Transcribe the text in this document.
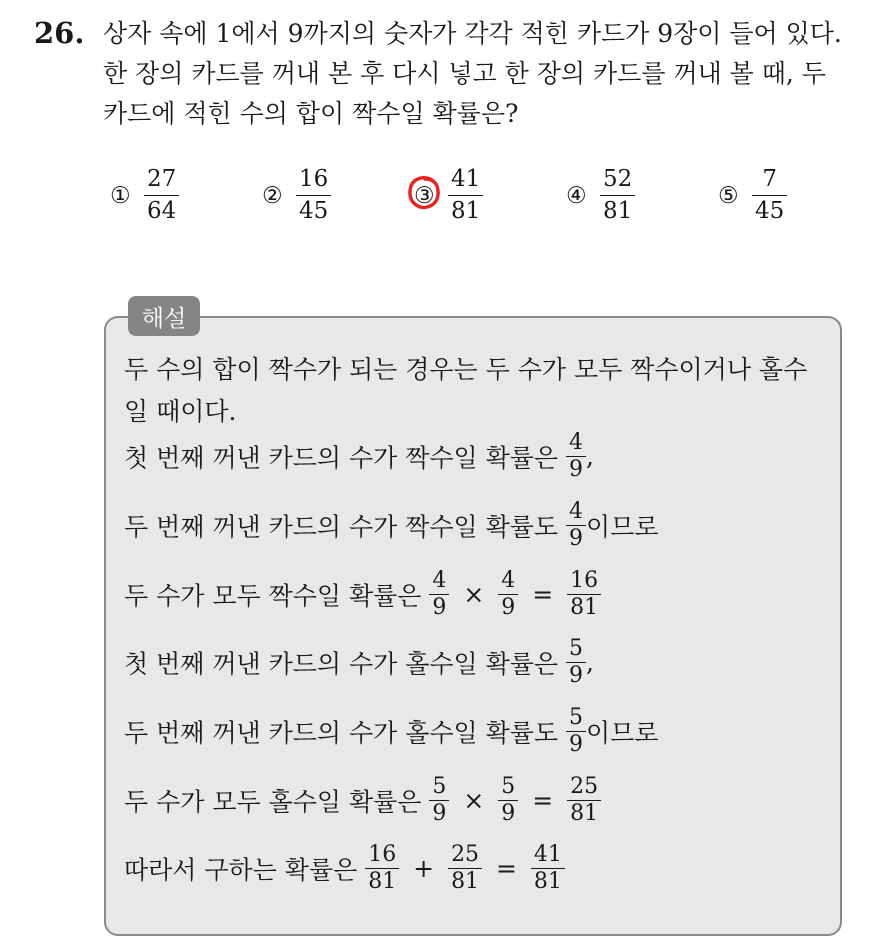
26. 상자 속에 1에서 9까지의 숫자가 각각 적힌 카드가 9장이 들어 있다.
한 장의 카드를 꺼내 본 후 다시 넣고 한 장의 카드를 꺼내 볼 때, 두
카드에 적힌 수의 합이 짝수일 확률은?
① $\frac{27}{64}$	② $\frac{16}{45}$	③ $\frac{41}{81}$	④ $\frac{52}{81}$	⑤ $\frac{7}{45}$
해설
두 수의 합이 짝수가 되는 경우는 두 수가 모두 짝수이거나 홀수
일 때이다.
첫 번째 꺼낸 카드의 수가 짝수일 확률은 $\frac{4}{9}$ ,
두 번째 꺼낸 카드의 수가 짝수일 확률도 $\frac{4}{9}$ 이므로
두 수가 모두 짝수일 확률은 $\frac{4}{9} \times \frac{4}{9} = \frac{16}{81}$
첫 번째 꺼낸 카드의 수가 홀수일 확률은 $\frac{5}{9}$ ,
두 번째 꺼낸 카드의 수가 홀수일 확률도 $\frac{5}{9}$ 이므로
두 수가 모두 홀수일 확률은 $\frac{5}{9} \times \frac{5}{9} = \frac{25}{81}$
따라서 구하는 확률은 $\frac{16}{81} + \frac{25}{81} = \frac{41}{81}$
